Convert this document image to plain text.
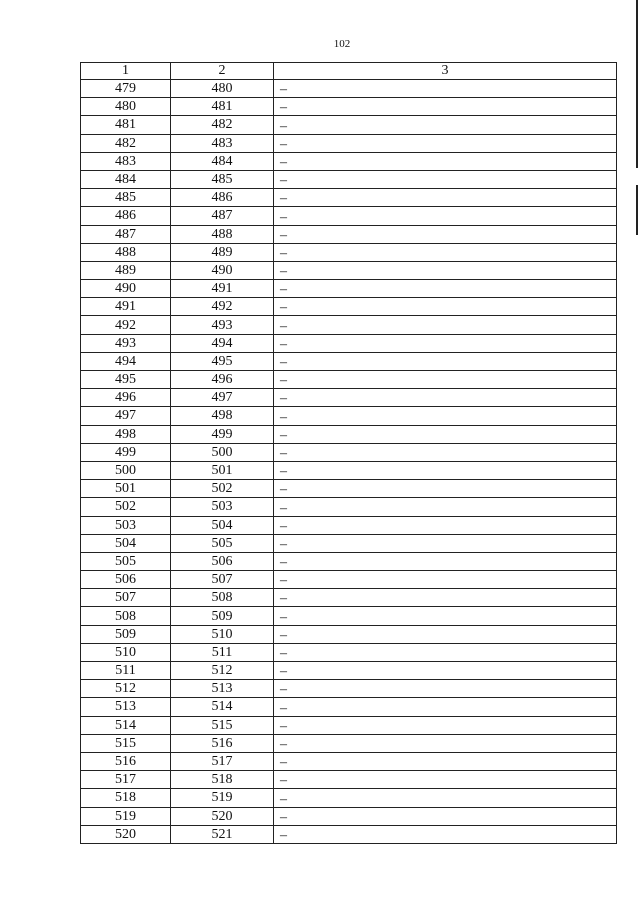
102
1	2	3
479	480	–
480	481	–
481	482	–
482	483	–
483	484	–
484	485	–
485	486	–
486	487	–
487	488	–
488	489	–
489	490	–
490	491	–
491	492	–
492	493	–
493	494	–
494	495	–
495	496	–
496	497	–
497	498	–
498	499	–
499	500	–
500	501	–
501	502	–
502	503	–
503	504	–
504	505	–
505	506	–
506	507	–
507	508	–
508	509	–
509	510	–
510	511	–
511	512	–
512	513	–
513	514	–
514	515	–
515	516	–
516	517	–
517	518	–
518	519	–
519	520	–
520	521	–
